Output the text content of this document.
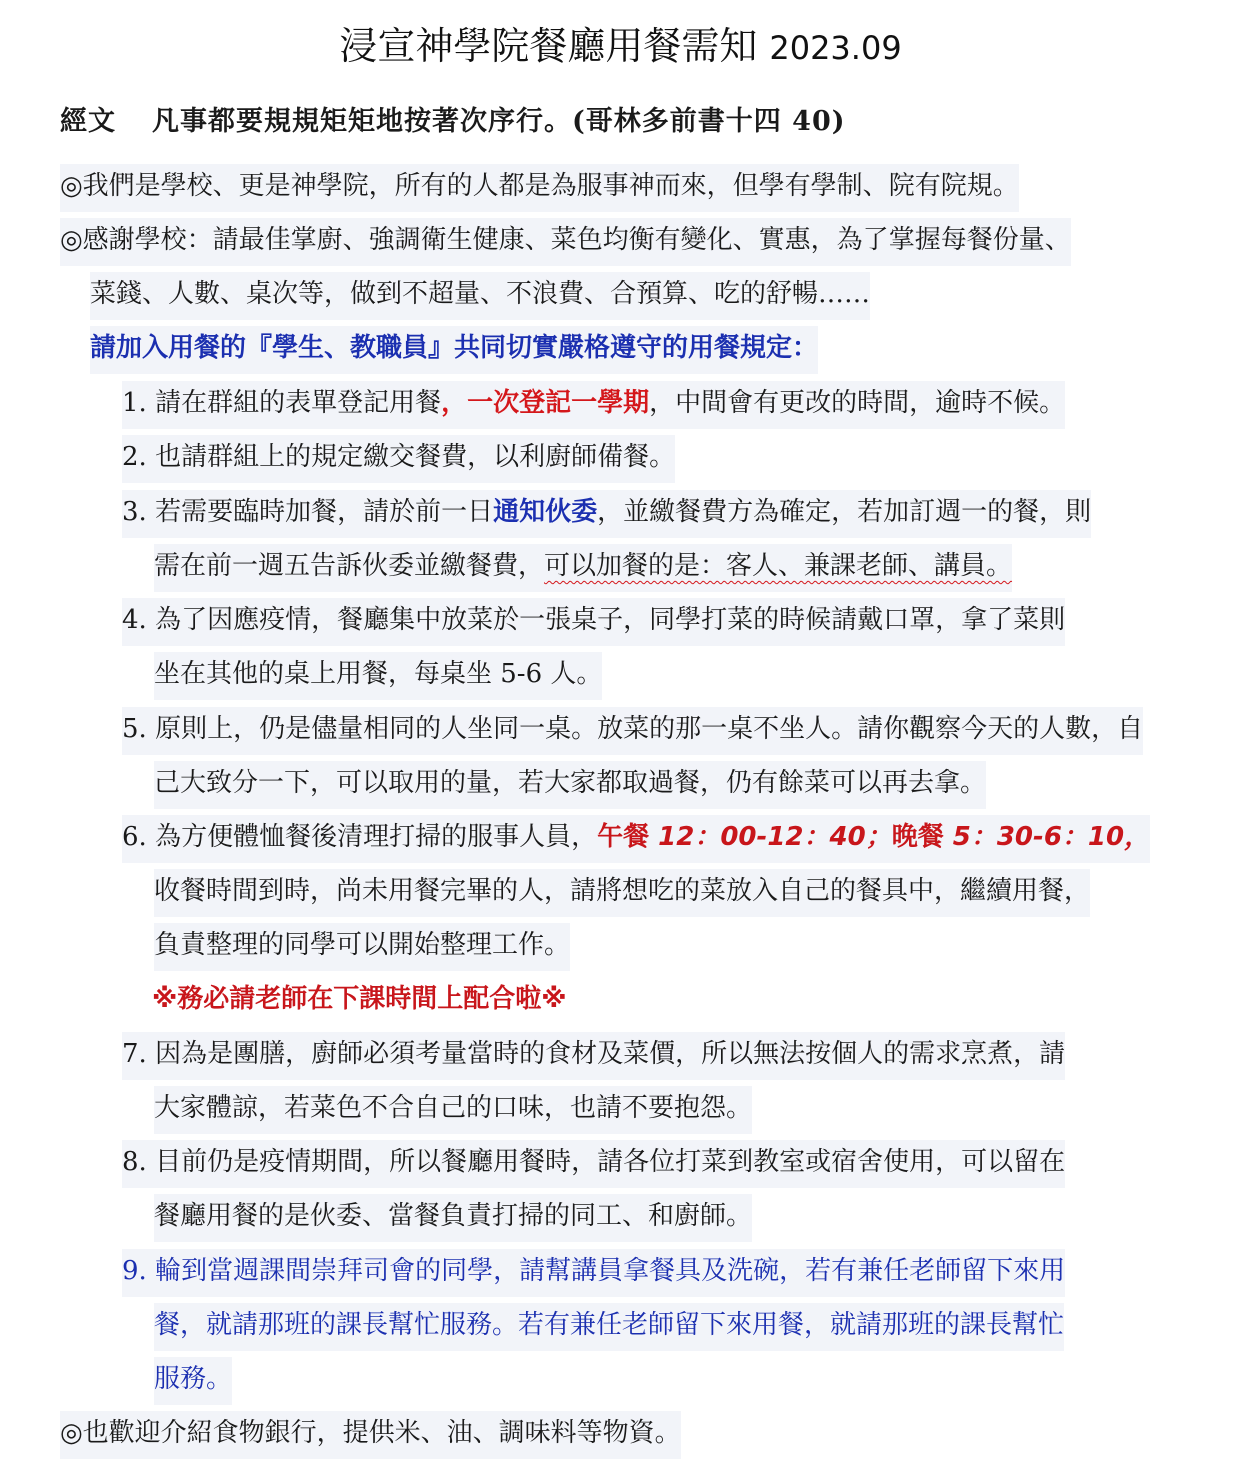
浸宣神學院餐廳用餐需知 2023.09
經文 凡事都要規規矩矩地按著次序行。(哥林多前書十四 40)
◎我們是學校、更是神學院，所有的人都是為服事神而來，但學有學制、院有院規。
◎感謝學校：請最佳掌廚、強調衛生健康、菜色均衡有變化、實惠，為了掌握每餐份量、
菜錢、人數、桌次等，做到不超量、不浪費、合預算、吃的舒暢……
請加入用餐的『學生、教職員』共同切實嚴格遵守的用餐規定：
1. 請在群組的表單登記用餐，一次登記一學期，中間會有更改的時間，逾時不候。
2. 也請群組上的規定繳交餐費，以利廚師備餐。
3. 若需要臨時加餐，請於前一日通知伙委，並繳餐費方為確定，若加訂週一的餐，則
需在前一週五告訴伙委並繳餐費，可以加餐的是：客人、兼課老師、講員。
4. 為了因應疫情，餐廳集中放菜於一張桌子，同學打菜的時候請戴口罩，拿了菜則
坐在其他的桌上用餐，每桌坐 5-6 人。
5. 原則上，仍是儘量相同的人坐同一桌。放菜的那一桌不坐人。請你觀察今天的人數，自
己大致分一下，可以取用的量，若大家都取過餐，仍有餘菜可以再去拿。
6. 為方便體恤餐後清理打掃的服事人員，午餐 12：00-12：40；晚餐 5：30-6：10，
收餐時間到時，尚未用餐完畢的人，請將想吃的菜放入自己的餐具中，繼續用餐，
負責整理的同學可以開始整理工作。
※務必請老師在下課時間上配合啦※
7. 因為是團膳，廚師必須考量當時的食材及菜價，所以無法按個人的需求烹煮，請
大家體諒，若菜色不合自己的口味，也請不要抱怨。
8. 目前仍是疫情期間，所以餐廳用餐時，請各位打菜到教室或宿舍使用，可以留在
餐廳用餐的是伙委、當餐負責打掃的同工、和廚師。
9. 輪到當週課間崇拜司會的同學，請幫講員拿餐具及洗碗，若有兼任老師留下來用
餐，就請那班的課長幫忙服務。若有兼任老師留下來用餐，就請那班的課長幫忙
服務。
◎也歡迎介紹食物銀行，提供米、油、調味料等物資。
